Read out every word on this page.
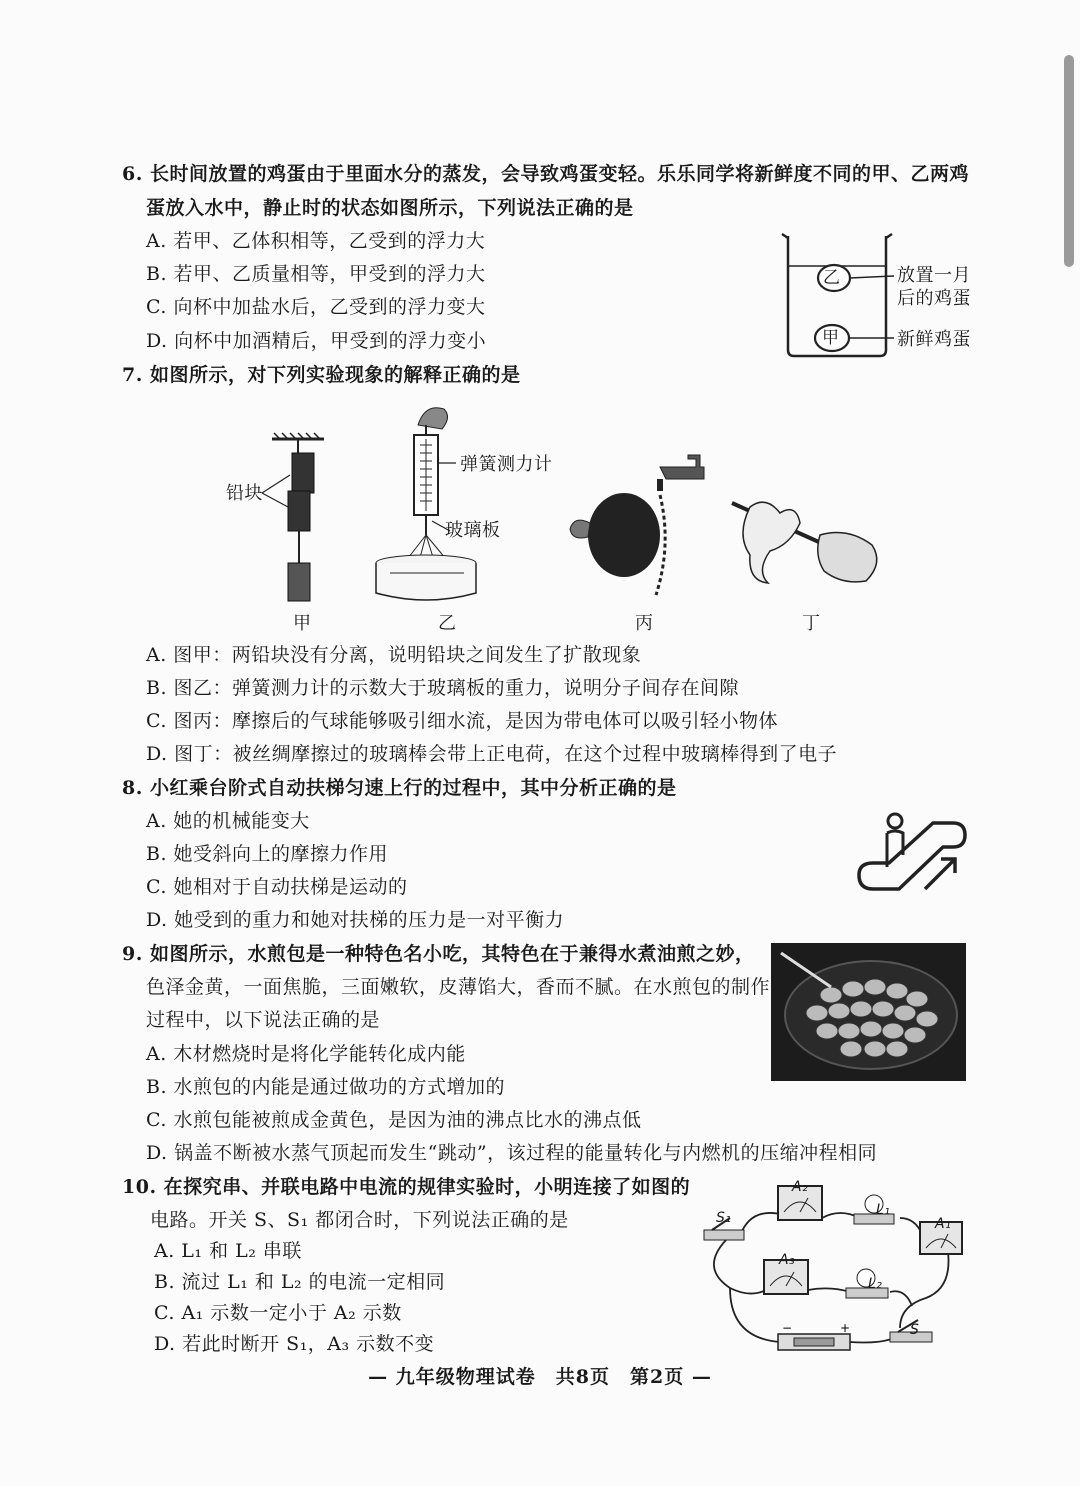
6. 长时间放置的鸡蛋由于里面水分的蒸发，会导致鸡蛋变轻。乐乐同学将新鲜度不同的甲、乙两鸡
蛋放入水中，静止时的状态如图所示，下列说法正确的是
A. 若甲、乙体积相等，乙受到的浮力大
B. 若甲、乙质量相等，甲受到的浮力大
C. 向杯中加盐水后，乙受到的浮力变大
D. 向杯中加酒精后，甲受到的浮力变小
乙
甲
放置一月
后的鸡蛋
新鲜鸡蛋
7. 如图所示，对下列实验现象的解释正确的是
铅块
弹簧测力计
玻璃板
甲	乙	丙	丁
A. 图甲：两铅块没有分离，说明铅块之间发生了扩散现象
B. 图乙：弹簧测力计的示数大于玻璃板的重力，说明分子间存在间隙
C. 图丙：摩擦后的气球能够吸引细水流，是因为带电体可以吸引轻小物体
D. 图丁：被丝绸摩擦过的玻璃棒会带上正电荷，在这个过程中玻璃棒得到了电子
8. 小红乘台阶式自动扶梯匀速上行的过程中，其中分析正确的是
A. 她的机械能变大
B. 她受斜向上的摩擦力作用
C. 她相对于自动扶梯是运动的
D. 她受到的重力和她对扶梯的压力是一对平衡力
9. 如图所示，水煎包是一种特色名小吃，其特色在于兼得水煮油煎之妙，
色泽金黄，一面焦脆，三面嫩软，皮薄馅大，香而不腻。在水煎包的制作
过程中，以下说法正确的是
A. 木材燃烧时是将化学能转化成内能
B. 水煎包的内能是通过做功的方式增加的
C. 水煎包能被煎成金黄色，是因为油的沸点比水的沸点低
D. 锅盖不断被水蒸气顶起而发生“跳动”，该过程的能量转化与内燃机的压缩冲程相同
10. 在探究串、并联电路中电流的规律实验时，小明连接了如图的
电路。开关 S、S₁ 都闭合时，下列说法正确的是
A. L₁ 和 L₂ 串联
B. 流过 L₁ 和 L₂ 的电流一定相同
C. A₁ 示数一定小于 A₂ 示数
D. 若此时断开 S₁，A₃ 示数不变
−	+
A₂
A₁
A₃
L₁
L₂
S₁
S
— 九年级物理试卷　共8页　第2页 —
